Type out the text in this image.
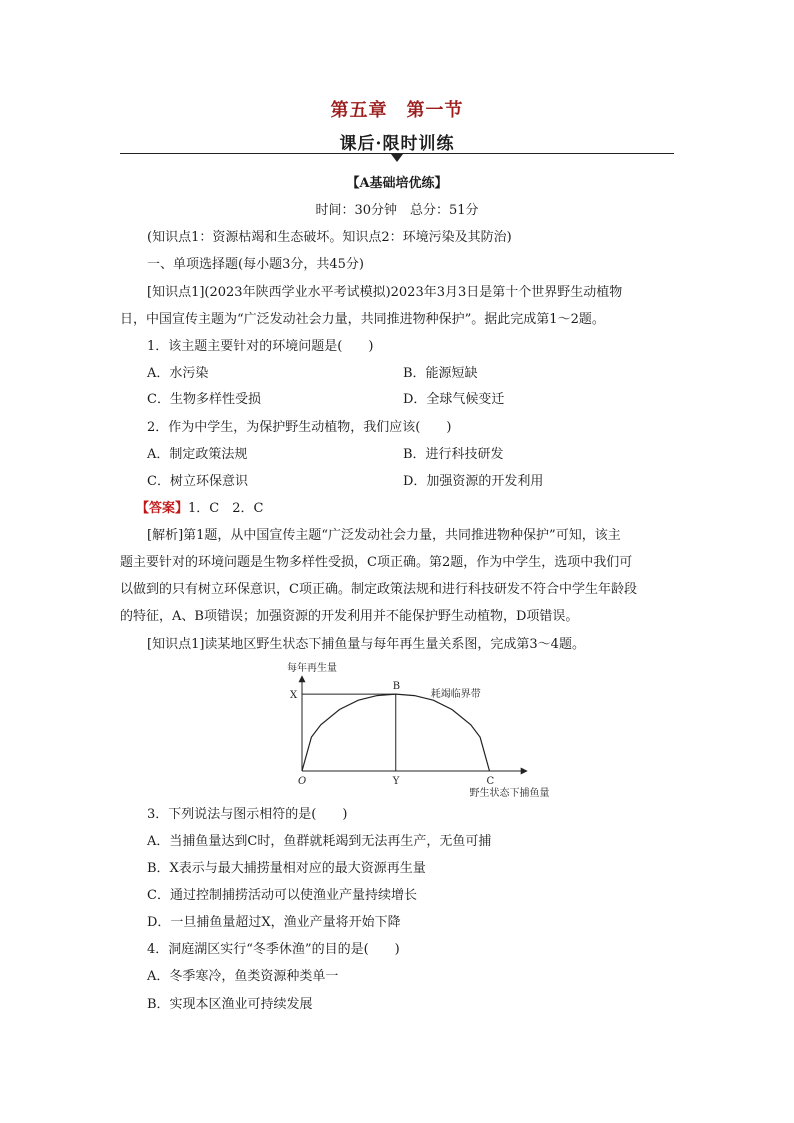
第五章　第一节
课后·限时训练
【A基础培优练】
时间：30分钟　总分：51分
(知识点1：资源枯竭和生态破坏。知识点2：环境污染及其防治)
一、单项选择题(每小题3分，共45分)
[知识点1](2023年陕西学业水平考试模拟)2023年3月3日是第十个世界野生动植物
日，中国宣传主题为“广泛发动社会力量，共同推进物种保护”。据此完成第1～2题。
1．该主题主要针对的环境问题是(　　)
A．水污染	B．能源短缺
C．生物多样性受损	D．全球气候变迁
2．作为中学生，为保护野生动植物，我们应该(　　)
A．制定政策法规	B．进行科技研发
C．树立环保意识	D．加强资源的开发利用
【答案】1．C　2．C
[解析]第1题，从中国宣传主题“广泛发动社会力量，共同推进物种保护”可知，该主
题主要针对的环境问题是生物多样性受损，C项正确。第2题，作为中学生，选项中我们可
以做到的只有树立环保意识，C项正确。制定政策法规和进行科技研发不符合中学生年龄段
的特征，A、B项错误；加强资源的开发利用并不能保护野生动植物，D项错误。
[知识点1]读某地区野生状态下捕鱼量与每年再生量关系图，完成第3～4题。
每年再生量
O
X
Y	C
B
耗竭临界带
野生状态下捕鱼量
3．下列说法与图示相符的是(　　)
A．当捕鱼量达到C时，鱼群就耗竭到无法再生产，无鱼可捕
B．X表示与最大捕捞量相对应的最大资源再生量
C．通过控制捕捞活动可以使渔业产量持续增长
D．一旦捕鱼量超过X，渔业产量将开始下降
4．洞庭湖区实行“冬季休渔”的目的是(　　)
A．冬季寒冷，鱼类资源种类单一
B．实现本区渔业可持续发展
